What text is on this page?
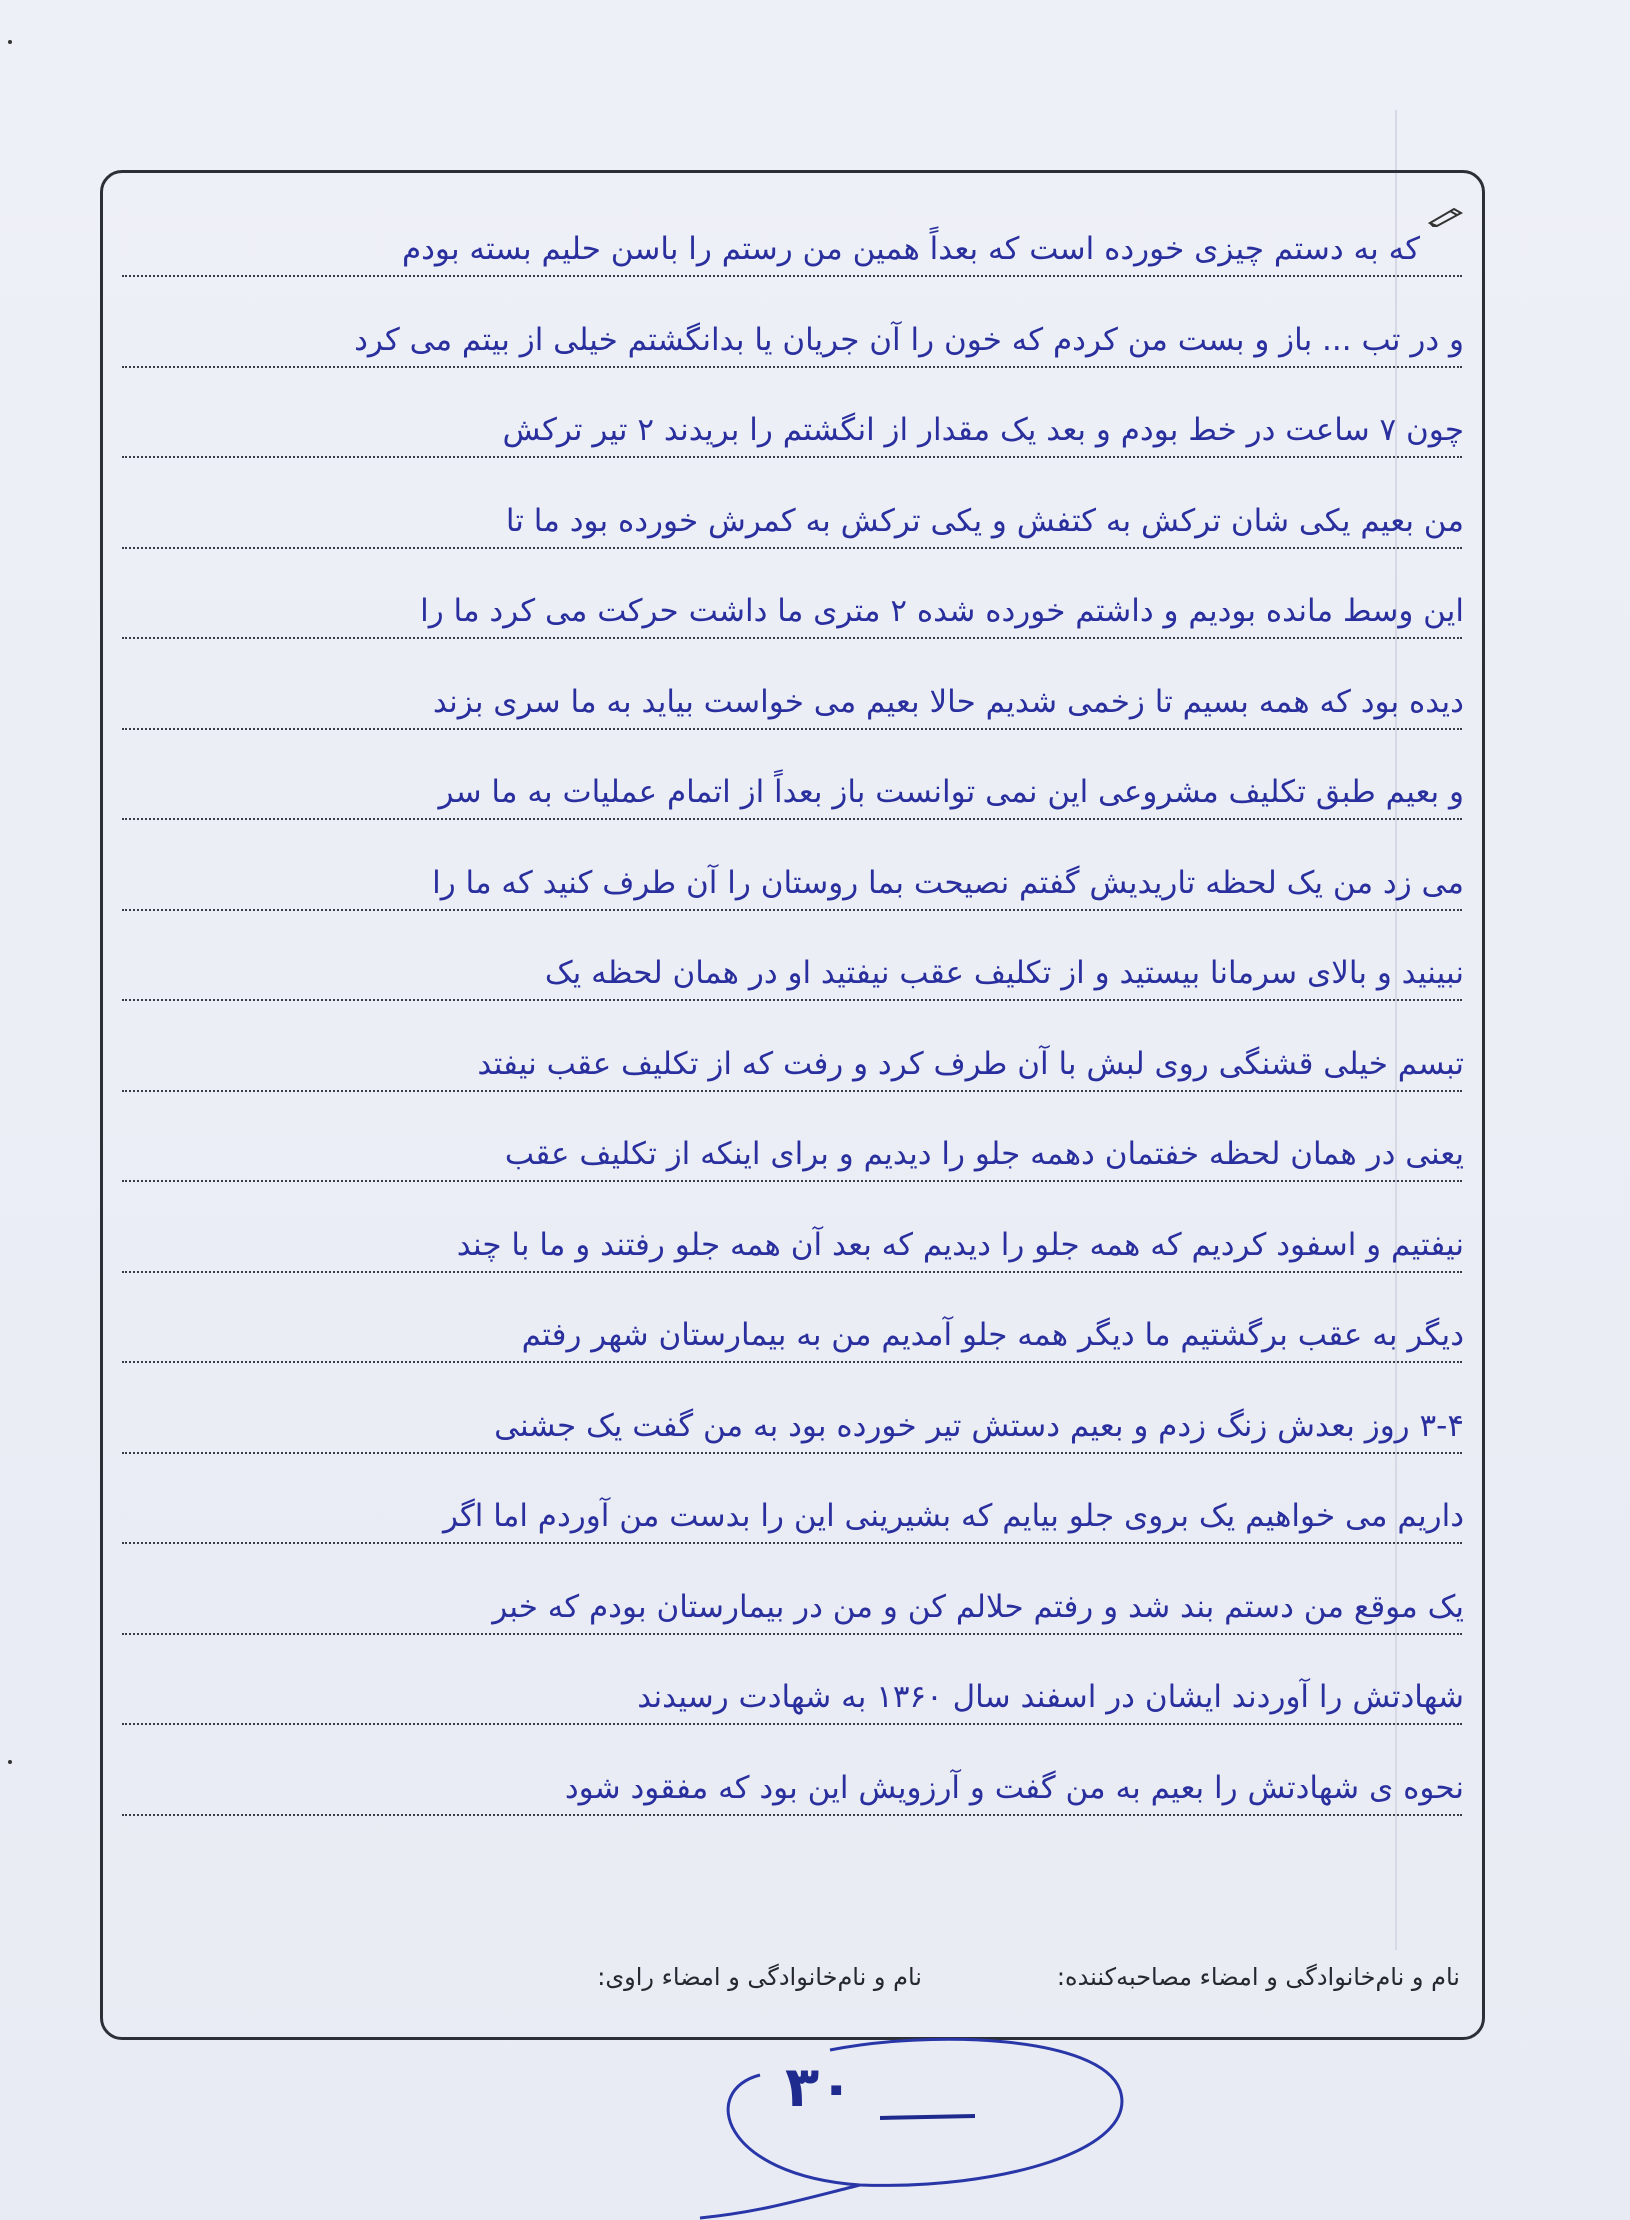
که به دستم چیزی خورده است که بعداً همین من رستم را باسن حلیم بسته بودم
و در تب ... باز و بست من کردم که خون را آن جریان یا بدانگشتم خیلی از بیتم می کرد
چون ۷ ساعت در خط بودم و بعد یک مقدار از انگشتم را بریدند ۲ تیر ترکش
من بعیم یکی شان ترکش به کتفش و یکی ترکش به کمرش خورده بود ما تا
این وسط مانده بودیم و داشتم خورده شده ۲ متری ما داشت حرکت می کرد ما را
دیده بود که همه بسیم تا زخمی شدیم حالا بعیم می خواست بیاید به ما سری بزند
و بعیم طبق تکلیف مشروعی این نمی توانست باز بعداً از اتمام عملیات به ما سر
می زد من یک لحظه تاریدیش گفتم نصیحت بما روستان را آن طرف کنید که ما را
نبینید و بالای سرمانا بیستید و از تکلیف عقب نیفتید او در همان لحظه یک
تبسم خیلی قشنگی روی لبش با آن طرف کرد و رفت که از تکلیف عقب نیفتد
یعنی در همان لحظه خفتمان دهمه جلو را دیدیم و برای اینکه از تکلیف عقب
نیفتیم و اسفود کردیم که همه جلو را دیدیم که بعد آن همه جلو رفتند و ما با چند
دیگر به عقب برگشتیم ما دیگر همه جلو آمدیم من به بیمارستان شهر رفتم
۳-۴ روز بعدش زنگ زدم و بعیم دستش تیر خورده بود به من گفت یک جشنی
داریم می خواهیم یک بروی جلو بیایم که بشیرینی این را بدست من آوردم اما اگر
یک موقع من دستم بند شد و رفتم حلالم کن و من در بیمارستان بودم که خبر
شهادتش را آوردند ایشان در اسفند سال ۱۳۶۰ به شهادت رسیدند
نحوه ی شهادتش را بعیم به من گفت و آرزویش این بود که مفقود شود
نام و نام‌خانوادگی و امضاء مصاحبه‌کننده:
نام و نام‌خانوادگی و امضاء راوی:
۳۰
